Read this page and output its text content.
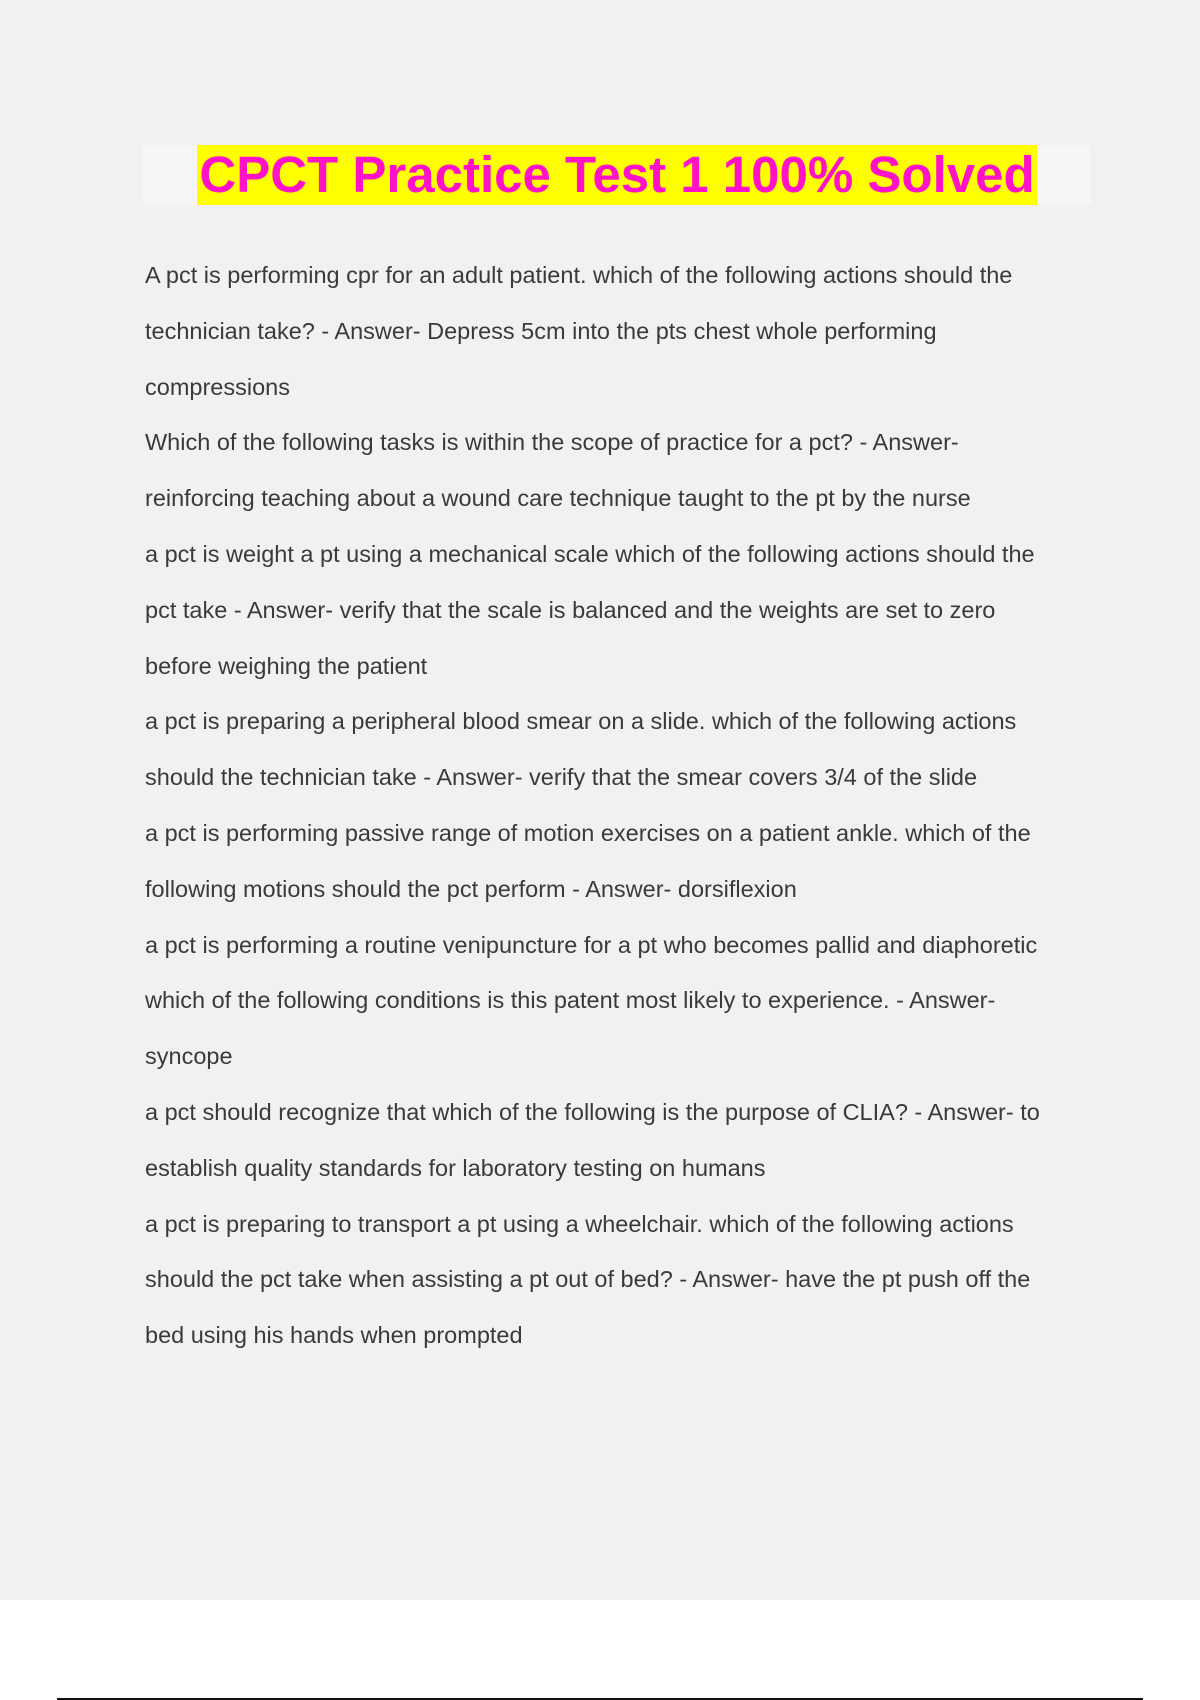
CPCT Practice Test 1 100% Solved
A pct is performing cpr for an adult patient. which of the following actions should the
technician take? - Answer- Depress 5cm into the pts chest whole performing
compressions
Which of the following tasks is within the scope of practice for a pct? - Answer-
reinforcing teaching about a wound care technique taught to the pt by the nurse
a pct is weight a pt using a mechanical scale which of the following actions should the
pct take - Answer- verify that the scale is balanced and the weights are set to zero
before weighing the patient
a pct is preparing a peripheral blood smear on a slide. which of the following actions
should the technician take - Answer- verify that the smear covers 3/4 of the slide
a pct is performing passive range of motion exercises on a patient ankle. which of the
following motions should the pct perform - Answer- dorsiflexion
a pct is performing a routine venipuncture for a pt who becomes pallid and diaphoretic
which of the following conditions is this patent most likely to experience. - Answer-
syncope
a pct should recognize that which of the following is the purpose of CLIA? - Answer- to
establish quality standards for laboratory testing on humans
a pct is preparing to transport a pt using a wheelchair. which of the following actions
should the pct take when assisting a pt out of bed? - Answer- have the pt push off the
bed using his hands when prompted
